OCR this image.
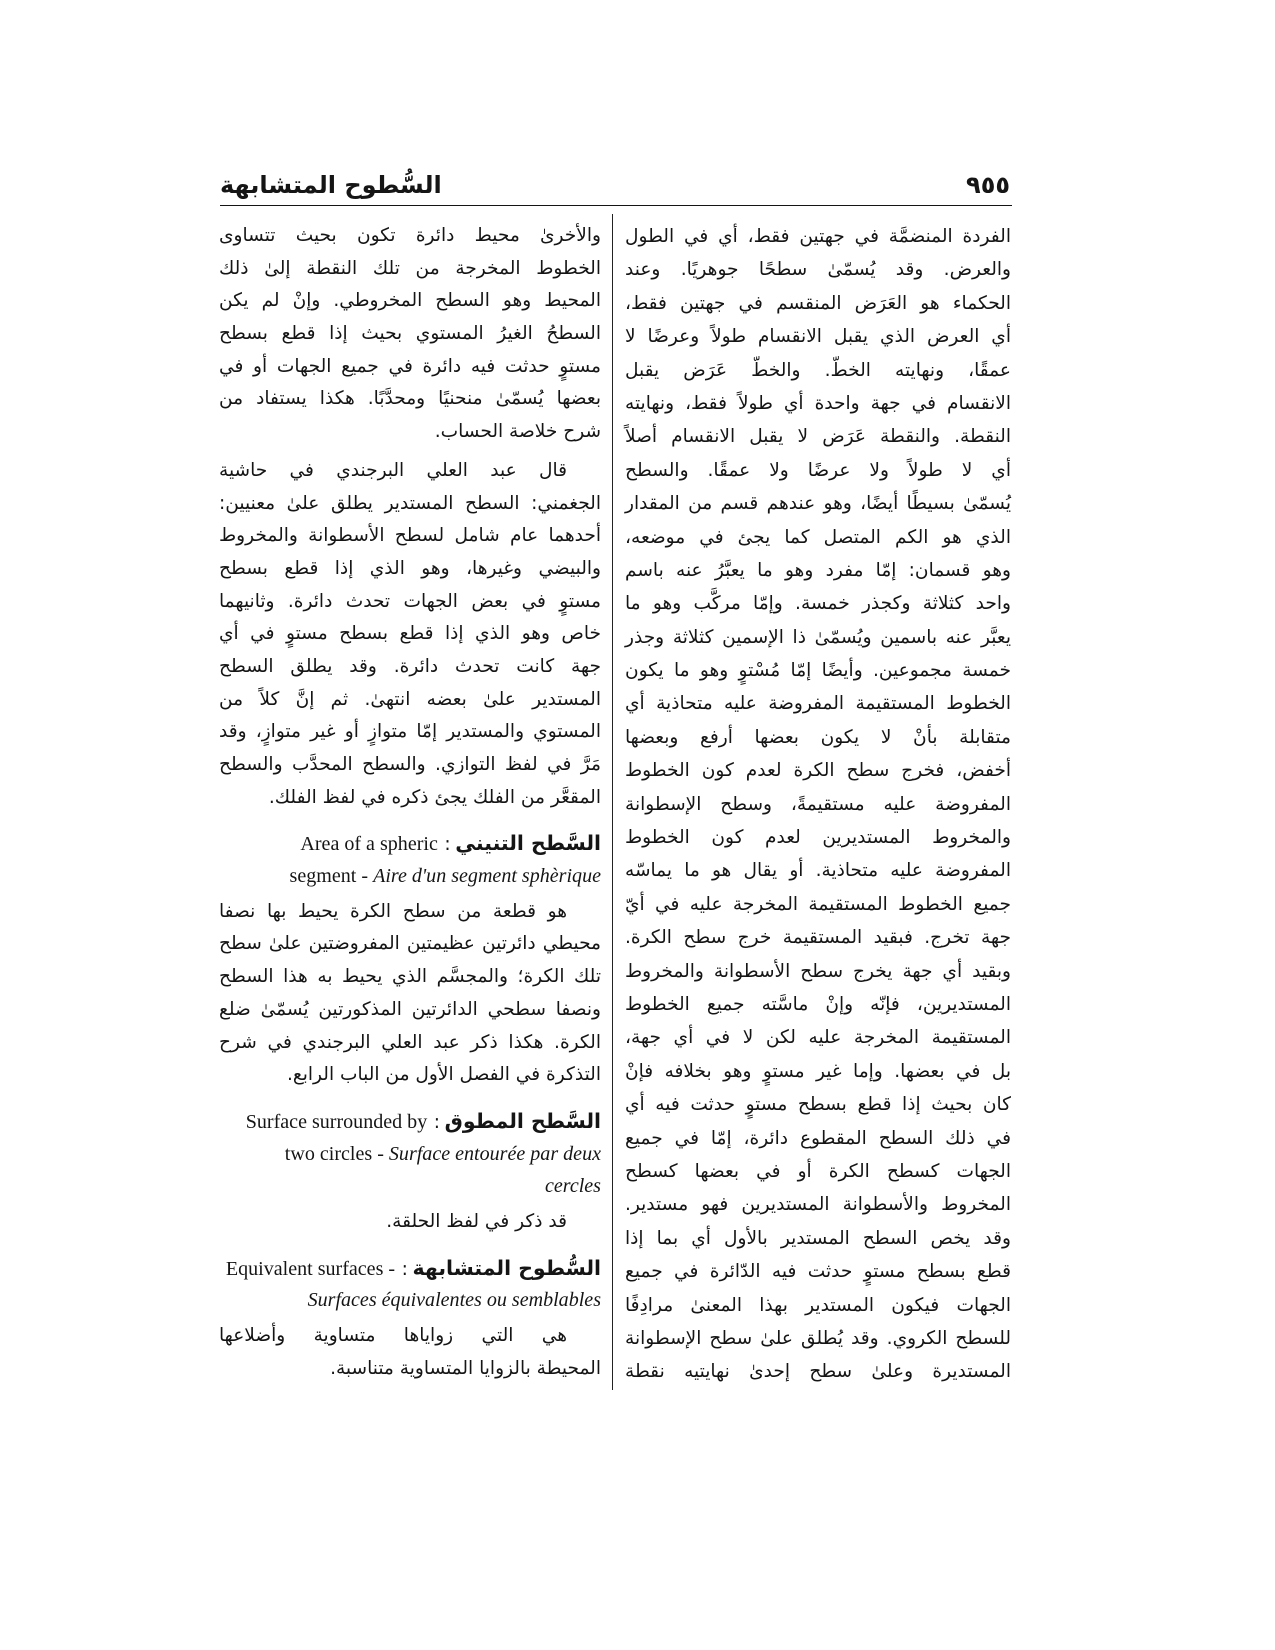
السُّطوح المتشابهة	٩٥٥
الفردة المنضمَّة في جهتين فقط، أي في الطول
والعرض. وقد يُسمّىٰ سطحًا جوهريًا. وعند
الحكماء هو العَرَض المنقسم في جهتين فقط،
أي العرض الذي يقبل الانقسام طولاً وعرضًا لا
عمقًا، ونهايته الخطّ. والخطّ عَرَض يقبل
الانقسام في جهة واحدة أي طولاً فقط، ونهايته
النقطة. والنقطة عَرَض لا يقبل الانقسام أصلاً
أي لا طولاً ولا عرضًا ولا عمقًا. والسطح
يُسمّىٰ بسيطًا أيضًا، وهو عندهم قسم من المقدار
الذي هو الكم المتصل كما يجئ في موضعه،
وهو قسمان: إمّا مفرد وهو ما يعبَّرُ عنه باسم
واحد كثلاثة وكجذر خمسة. وإمّا مركَّب وهو ما
يعبَّر عنه باسمين ويُسمّىٰ ذا الإسمين كثلاثة وجذر
خمسة مجموعين. وأيضًا إمّا مُسْتوٍ وهو ما يكون
الخطوط المستقيمة المفروضة عليه متحاذية أي
متقابلة بأنْ لا يكون بعضها أرفع وبعضها
أخفض، فخرج سطح الكرة لعدم كون الخطوط
المفروضة عليه مستقيمةً، وسطح الإسطوانة
والمخروط المستديرين لعدم كون الخطوط
المفروضة عليه متحاذية. أو يقال هو ما يماسّه
جميع الخطوط المستقيمة المخرجة عليه في أيّ
جهة تخرج. فبقيد المستقيمة خرج سطح الكرة.
وبقيد أي جهة يخرج سطح الأسطوانة والمخروط
المستديرين، فإنّه وإنْ ماسَّته جميع الخطوط
المستقيمة المخرجة عليه لكن لا في أي جهة،
بل في بعضها. وإما غير مستوٍ وهو بخلافه فإنْ
كان بحيث إذا قطع بسطح مستوٍ حدثت فيه أي
في ذلك السطح المقطوع دائرة، إمّا في جميع
الجهات كسطح الكرة أو في بعضها كسطح
المخروط والأسطوانة المستديرين فهو مستدير.
وقد يخص السطح المستدير بالأول أي بما إذا
قطع بسطح مستوٍ حدثت فيه الدّائرة في جميع
الجهات فيكون المستدير بهذا المعنىٰ مرادِفًا
للسطح الكروي. وقد يُطلق علىٰ سطح الإسطوانة
المستديرة وعلىٰ سطح إحدىٰ نهايتيه نقطة
والأخرىٰ محيط دائرة تكون بحيث تتساوى
الخطوط المخرجة من تلك النقطة إلىٰ ذلك
المحيط وهو السطح المخروطي. وإنْ لم يكن
السطحُ الغيرُ المستوي بحيث إذا قطع بسطح
مستوٍ حدثت فيه دائرة في جميع الجهات أو في
بعضها يُسمّىٰ منحنيًا ومحدَّبًا. هكذا يستفاد من
شرح خلاصة الحساب.
قال عبد العلي البرجندي في حاشية
الجغمني: السطح المستدير يطلق علىٰ معنيين:
أحدهما عام شامل لسطح الأسطوانة والمخروط
والبيضي وغيرها، وهو الذي إذا قطع بسطح
مستوٍ في بعض الجهات تحدث دائرة. وثانيهما
خاص وهو الذي إذا قطع بسطح مستوٍ في أي
جهة كانت تحدث دائرة. وقد يطلق السطح
المستدير علىٰ بعضه انتهىٰ. ثم إنَّ كلاً من
المستوي والمستدير إمّا متوازٍ أو غير متوازٍ، وقد
مَرَّ في لفظ التوازي. والسطح المحدَّب والسطح
المقعَّر من الفلك يجئ ذكره في لفظ الفلك.
السَّطح التنيني:Area of a spheric
segment - Aire d'un segment sphèrique
هو قطعة من سطح الكرة يحيط بها نصفا
محيطي دائرتين عظيمتين المفروضتين علىٰ سطح
تلك الكرة؛ والمجسَّم الذي يحيط به هذا السطح
ونصفا سطحي الدائرتين المذكورتين يُسمّىٰ ضلع
الكرة. هكذا ذكر عبد العلي البرجندي في شرح
التذكرة في الفصل الأول من الباب الرابع.
السَّطح المطوق:Surface surrounded by
two circles - Surface entourée par deux
cercles
قد ذكر في لفظ الحلقة.
السُّطوح المتشابهة:Equivalent surfaces -
Surfaces équivalentes ou semblables
هي التي زواياها متساوية وأضلاعها
المحيطة بالزوايا المتساوية متناسبة.
